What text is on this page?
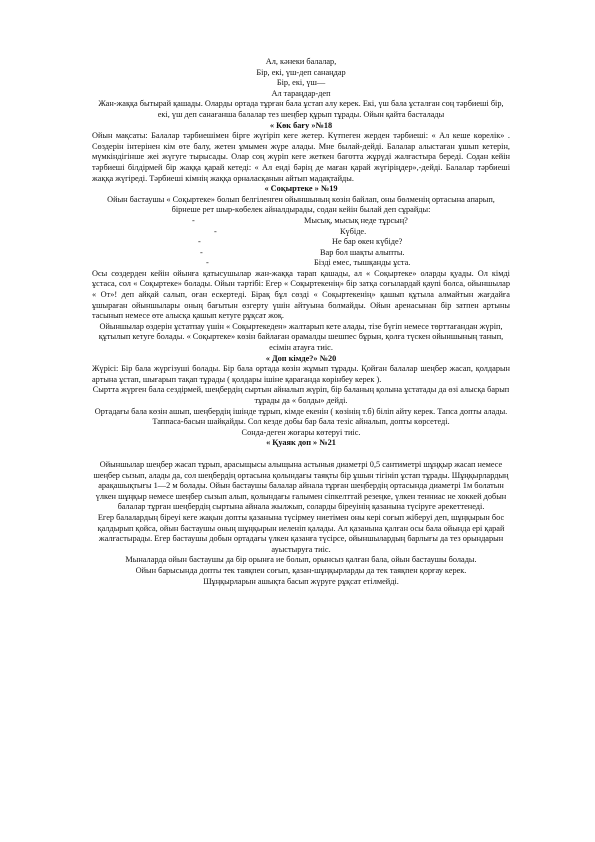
Ал, кәнеки балалар,

Бір, екі, үш-деп санаңдар

Бір, екі, үш—

Ал тараңдар-деп

Жан-жаққа бытырай қашады. Оларды ортада тұрған бала ұстап алу керек. Екі, үш бала ұсталған соң тәрбиеші бір, екі, үш деп санағанша балалар тез шеңбер құрып тұрады. Ойын қайта басталады

« Көк бағу »№18

Ойын мақсаты: Балалар тәрбиешімен бірге жүгіріп кеге жетер. Күтпеген жерден тәрбиеші: « Ал кеше көрелік» . Сөздерін інтерінен кім өте балу, жетен ұмымен жүре алады. Мне былай-дейді. Балалар алыстаған ұшып кетерін, мүмкіндігінше жеі жүгуге тырысады. Олар соң жүріп кеге жеткен баготта жұрүді жалғастыра береді. Содан кейін тәрбиеші білдірмей бір жаққа қарай кетеді: « Ал енді бәрің де маған қарай жүгіріңдер»,-дейді. Балалар тәрбиеші жаққа жүгіреді. Тәрбиеші кімнің жаққа орналасқанын айтып мадақтайды.

« Соқыртеке » №19

Ойын бастаушы « Соқыртеке» болып белгіленген ойыншының көзін байлап, оны бөлменің ортасына апарып, бірнеше рет шыр-көбелек айналдырады, содан кейін былай деп сұрайды:

-	Мысық, мысық неде тұрсың?
-	Күбіде.
-	Не бар өкен күбіде?
-	Вар бол шақты алыпты.
-	Бізді емес, тышқанды ұста.

Осы сөздерден кейін ойынға қатысушылар жан-жаққа тарап қашады, ал « Соқыртеке» оларды қуады. Ол кімді ұстаса, сол « Соқыртеке» болады. Ойын тәртібі: Егер « Соқыртекенің» бір затқа соғылардай қаупі болса, ойыншылар « От»! деп айқай салып, оған ескертеді. Бірақ бұл сөзді « Соқыртекенің» қашып құтыла алмайтын жағдайға ұшыраған ойыншылары оның бағытын өзгерту үшін айтуына болмайды. Ойын аренасынан бір затпен артыны тасынып немесе өте алысқа қашып кетуге рұқсат жоқ.

Ойыншылар өздерін ұстатпау үшін « Соқыртекеден» жалтарып кете алады, тізе бүгіп немесе төрттағандан жүріп, құтылып кетуге болады. « Соқыртеке» көзін байлаған орамалды шешпес бұрын, қолға түскен ойыншының танып, есімін атауға тиіс.

« Доп кімде?» №20

Жүрісі: Бір бала жүргізуші болады. Бір бала ортада көзін жұмып тұрады. Қойған балалар шеңбер жасап, қолдарын артына ұстап, шығарып тақап тұрады ( қолдары ішіне қарағанда көрінбеу керек ).

Сыртта жүрген бала сездірмей, шеңбердің сыртын айналып жүріп, бір баланың қолына ұстатады да өзі алысқа барып тұрады да « болды» дейді.

Ортадағы бала көзін ашып, шеңбердің ішінде тұрып, кімде екенін ( көзінің т.б) біліп айту керек. Тапса допты алады. Таппаса-басын шайқайды. Сол кезде добы бар бала тезіс айналып, допты көрсетеді.

Сонда-деген жоғары көтеруі тиіс.

« Қуаяк доп » №21

Ойыншылар шеңбер жасап тұрып, арасыщысы алыщына астыныя диаметрі 0,5 сантиметрі шұңқыр жасап немесе шеңбер сызып, алады да, сол шеңбердің ортасына қолындағы таяқты бір ұшын тігініп ұстап тұрады. Шұңқырлардың арақашықтығы 1—2 м болады. Ойын бастаушы балалар айнала тұрған шеңбердің ортасында диаметрі 1м болатын үлкен шұңқыр немесе шеңбер сызып алып, қолындағы ғалымен сіпкелттай резеңке, үлкен тенниас не хоккей добын балалар тұрған шеңбердің сыртына айнала жылжып, соларды біреуінің қазанына түсіруге әрекеттенеді.

Егер балалардың біреуі кеге жақын допты қазанына түсірмеу ниетімен оны кері соғып жіберуі деп, шұңқырын бос қалдырып қойса, ойын бастаушы оның шұңқырын иеленіп қалады. Ал қазанына қалған осы бала ойында ері қарай жалғастырады. Егер бастаушы добын ортадағы үлкен қазанға түсірсе, ойыншылардың барлығы да тез орындарын ауыстыруға тиіс.

Мыналарда ойын бастаушы да бір орынға ие болып, орынсыз қалған бала, ойын бастаушы болады.

Ойын барысында допты тек таяқпен соғып, қазан-шұңқырларды да тек таяқпен қорғау керек.

Шұңқырларын ашықта басып жүруге рұқсат етілмейді.
